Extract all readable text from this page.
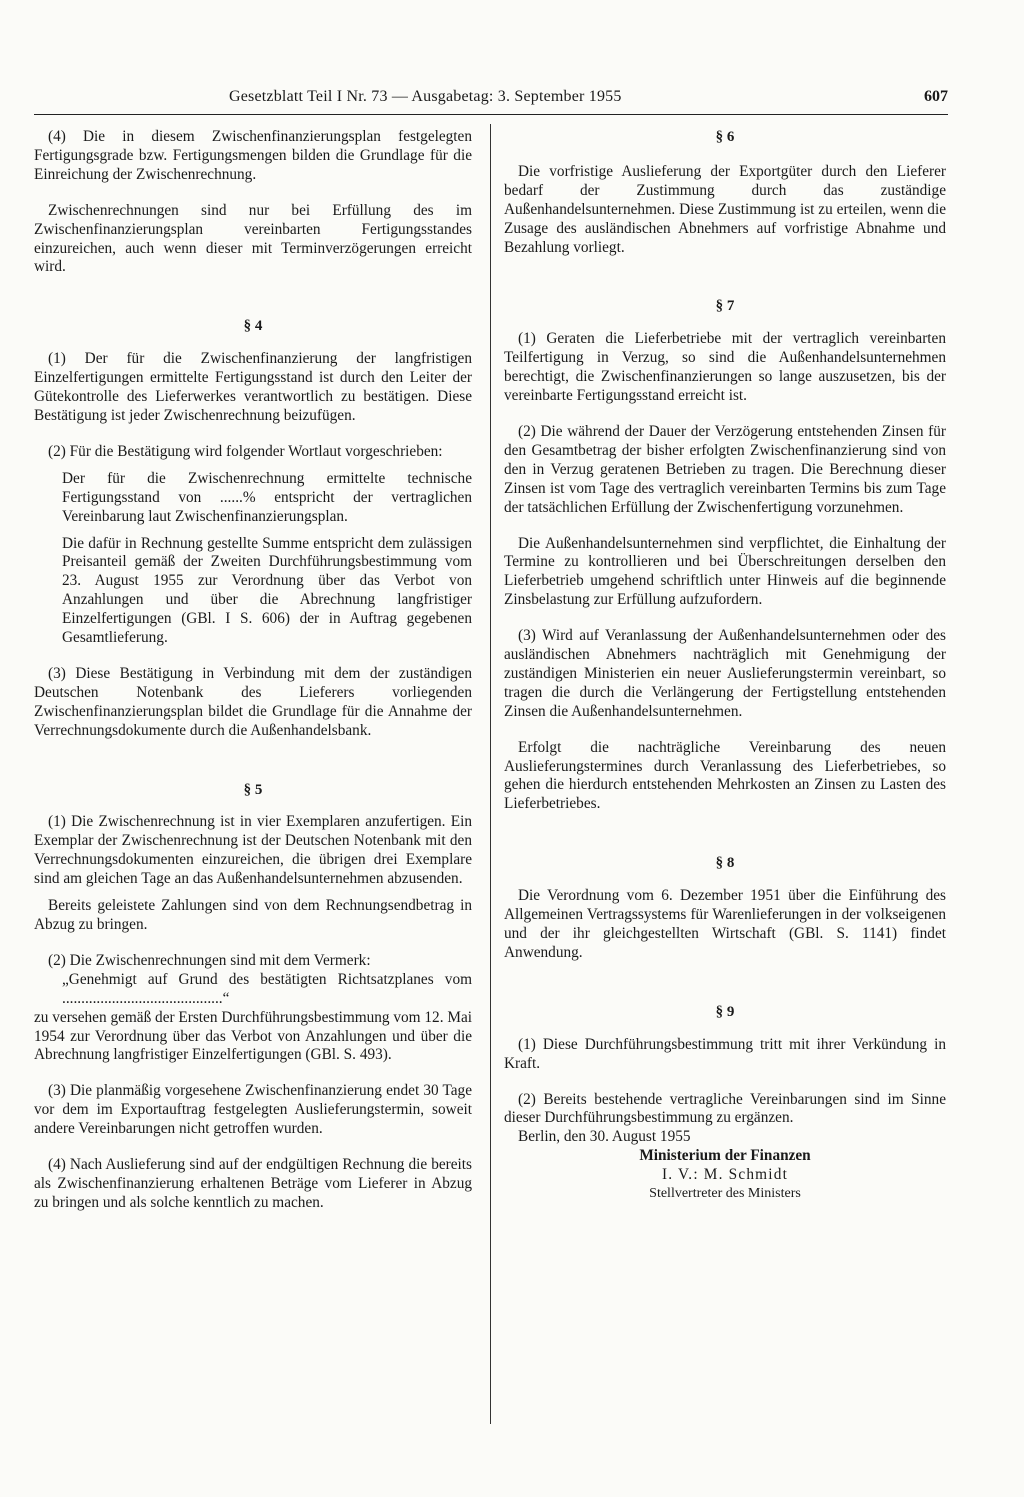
Gesetzblatt Teil I Nr. 73 — Ausgabetag: 3. September 1955	607

(4) Die in diesem Zwischenfinanzierungsplan festgelegten Fertigungsgrade bzw. Fertigungsmengen bilden die Grundlage für die Einreichung der Zwischenrechnung.

Zwischenrechnungen sind nur bei Erfüllung des im Zwischenfinanzierungsplan vereinbarten Fertigungsstandes einzureichen, auch wenn dieser mit Terminverzögerungen erreicht wird.

§ 4

(1) Der für die Zwischenfinanzierung der langfristigen Einzelfertigungen ermittelte Fertigungsstand ist durch den Leiter der Gütekontrolle des Lieferwerkes verantwortlich zu bestätigen. Diese Bestätigung ist jeder Zwischenrechnung beizufügen.

(2) Für die Bestätigung wird folgender Wortlaut vorgeschrieben:

Der für die Zwischenrechnung ermittelte technische Fertigungsstand von ......% entspricht der vertraglichen Vereinbarung laut Zwischenfinanzierungsplan.

Die dafür in Rechnung gestellte Summe entspricht dem zulässigen Preisanteil gemäß der Zweiten Durchführungsbestimmung vom 23. August 1955 zur Verordnung über das Verbot von Anzahlungen und über die Abrechnung langfristiger Einzelfertigungen (GBl. I S. 606) der in Auftrag gegebenen Gesamtlieferung.

(3) Diese Bestätigung in Verbindung mit dem der zuständigen Deutschen Notenbank des Lieferers vorliegenden Zwischenfinanzierungsplan bildet die Grundlage für die Annahme der Verrechnungsdokumente durch die Außenhandelsbank.

§ 5

(1) Die Zwischenrechnung ist in vier Exemplaren anzufertigen. Ein Exemplar der Zwischenrechnung ist der Deutschen Notenbank mit den Verrechnungsdokumenten einzureichen, die übrigen drei Exemplare sind am gleichen Tage an das Außenhandelsunternehmen abzusenden.

Bereits geleistete Zahlungen sind von dem Rechnungsendbetrag in Abzug zu bringen.

(2) Die Zwischenrechnungen sind mit dem Vermerk:

„Genehmigt auf Grund des bestätigten Richtsatzplanes vom ..........................................“

zu versehen gemäß der Ersten Durchführungsbestimmung vom 12. Mai 1954 zur Verordnung über das Verbot von Anzahlungen und über die Abrechnung langfristiger Einzelfertigungen (GBl. S. 493).

(3) Die planmäßig vorgesehene Zwischenfinanzierung endet 30 Tage vor dem im Exportauftrag festgelegten Auslieferungstermin, soweit andere Vereinbarungen nicht getroffen wurden.

(4) Nach Auslieferung sind auf der endgültigen Rechnung die bereits als Zwischenfinanzierung erhaltenen Beträge vom Lieferer in Abzug zu bringen und als solche kenntlich zu machen.

§ 6

Die vorfristige Auslieferung der Exportgüter durch den Lieferer bedarf der Zustimmung durch das zuständige Außenhandelsunternehmen. Diese Zustimmung ist zu erteilen, wenn die Zusage des ausländischen Abnehmers auf vorfristige Abnahme und Bezahlung vorliegt.

§ 7

(1) Geraten die Lieferbetriebe mit der vertraglich vereinbarten Teilfertigung in Verzug, so sind die Außenhandelsunternehmen berechtigt, die Zwischenfinanzierungen so lange auszusetzen, bis der vereinbarte Fertigungsstand erreicht ist.

(2) Die während der Dauer der Verzögerung entstehenden Zinsen für den Gesamtbetrag der bisher erfolgten Zwischenfinanzierung sind von den in Verzug geratenen Betrieben zu tragen. Die Berechnung dieser Zinsen ist vom Tage des vertraglich vereinbarten Termins bis zum Tage der tatsächlichen Erfüllung der Zwischenfertigung vorzunehmen.

Die Außenhandelsunternehmen sind verpflichtet, die Einhaltung der Termine zu kontrollieren und bei Überschreitungen derselben den Lieferbetrieb umgehend schriftlich unter Hinweis auf die beginnende Zinsbelastung zur Erfüllung aufzufordern.

(3) Wird auf Veranlassung der Außenhandelsunternehmen oder des ausländischen Abnehmers nachträglich mit Genehmigung der zuständigen Ministerien ein neuer Auslieferungstermin vereinbart, so tragen die durch die Verlängerung der Fertigstellung entstehenden Zinsen die Außenhandelsunternehmen.

Erfolgt die nachträgliche Vereinbarung des neuen Auslieferungstermines durch Veranlassung des Lieferbetriebes, so gehen die hierdurch entstehenden Mehrkosten an Zinsen zu Lasten des Lieferbetriebes.

§ 8

Die Verordnung vom 6. Dezember 1951 über die Einführung des Allgemeinen Vertragssystems für Warenlieferungen in der volkseigenen und der ihr gleichgestellten Wirtschaft (GBl. S. 1141) findet Anwendung.

§ 9

(1) Diese Durchführungsbestimmung tritt mit ihrer Verkündung in Kraft.

(2) Bereits bestehende vertragliche Vereinbarungen sind im Sinne dieser Durchführungsbestimmung zu ergänzen.

Berlin, den 30. August 1955

Ministerium der Finanzen

I. V.: M. Schmidt

Stellvertreter des Ministers
